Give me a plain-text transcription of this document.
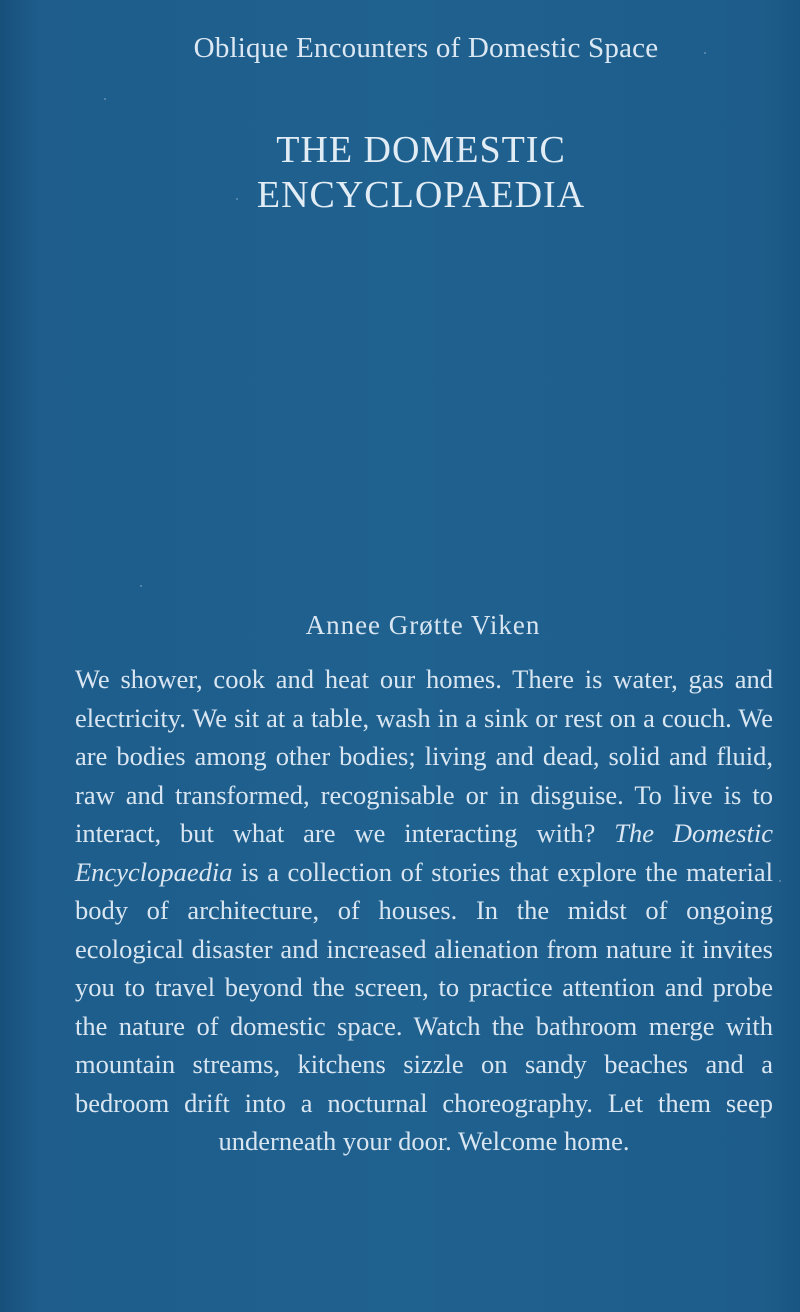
Oblique Encounters of Domestic Space
THE DOMESTIC
ENCYCLOPAEDIA
Annee Grøtte Viken
We shower, cook and heat our homes. There is water, gas and electricity. We sit at a table, wash in a sink or rest on a couch. We are bodies among other bodies; living and dead, solid and fluid, raw and transformed, recognisable or in disguise. To live is to interact, but what are we interacting with? The Domestic Encyclopaedia is a collection of stories that explore the material body of architecture, of houses. In the midst of ongoing ecological disaster and increased alienation from nature it invites you to travel beyond the screen, to practice attention and probe the nature of domestic space. Watch the bathroom merge with mountain streams, kitchens sizzle on sandy beaches and a bedroom drift into a nocturnal choreography. Let them seep underneath your door. Welcome home.
